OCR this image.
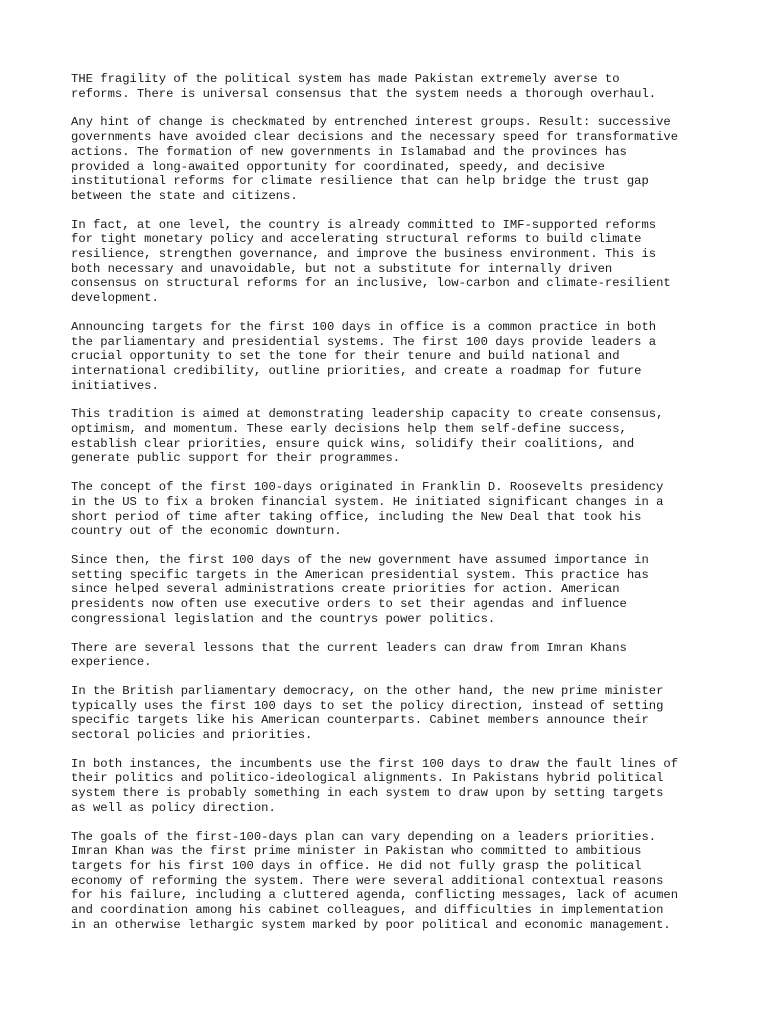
THE fragility of the political system has made Pakistan extremely averse to
reforms. There is universal consensus that the system needs a thorough overhaul.

Any hint of change is checkmated by entrenched interest groups. Result: successive
governments have avoided clear decisions and the necessary speed for transformative
actions. The formation of new governments in Islamabad and the provinces has
provided a long-awaited opportunity for coordinated, speedy, and decisive
institutional reforms for climate resilience that can help bridge the trust gap
between the state and citizens.

In fact, at one level, the country is already committed to IMF-supported reforms
for tight monetary policy and accelerating structural reforms to build climate
resilience, strengthen governance, and improve the business environment. This is
both necessary and unavoidable, but not a substitute for internally driven
consensus on structural reforms for an inclusive, low-carbon and climate-resilient
development.

Announcing targets for the first 100 days in office is a common practice in both
the parliamentary and presidential systems. The first 100 days provide leaders a
crucial opportunity to set the tone for their tenure and build national and
international credibility, outline priorities, and create a roadmap for future
initiatives.

This tradition is aimed at demonstrating leadership capacity to create consensus,
optimism, and momentum. These early decisions help them self-define success,
establish clear priorities, ensure quick wins, solidify their coalitions, and
generate public support for their programmes.

The concept of the first 100-days originated in Franklin D. Roosevelts presidency
in the US to fix a broken financial system. He initiated significant changes in a
short period of time after taking office, including the New Deal that took his
country out of the economic downturn.

Since then, the first 100 days of the new government have assumed importance in
setting specific targets in the American presidential system. This practice has
since helped several administrations create priorities for action. American
presidents now often use executive orders to set their agendas and influence
congressional legislation and the countrys power politics.

There are several lessons that the current leaders can draw from Imran Khans
experience.

In the British parliamentary democracy, on the other hand, the new prime minister
typically uses the first 100 days to set the policy direction, instead of setting
specific targets like his American counterparts. Cabinet members announce their
sectoral policies and priorities.

In both instances, the incumbents use the first 100 days to draw the fault lines of
their politics and politico-ideological alignments. In Pakistans hybrid political
system there is probably something in each system to draw upon by setting targets
as well as policy direction.

The goals of the first-100-days plan can vary depending on a leaders priorities.
Imran Khan was the first prime minister in Pakistan who committed to ambitious
targets for his first 100 days in office. He did not fully grasp the political
economy of reforming the system. There were several additional contextual reasons
for his failure, including a cluttered agenda, conflicting messages, lack of acumen
and coordination among his cabinet colleagues, and difficulties in implementation
in an otherwise lethargic system marked by poor political and economic management.
